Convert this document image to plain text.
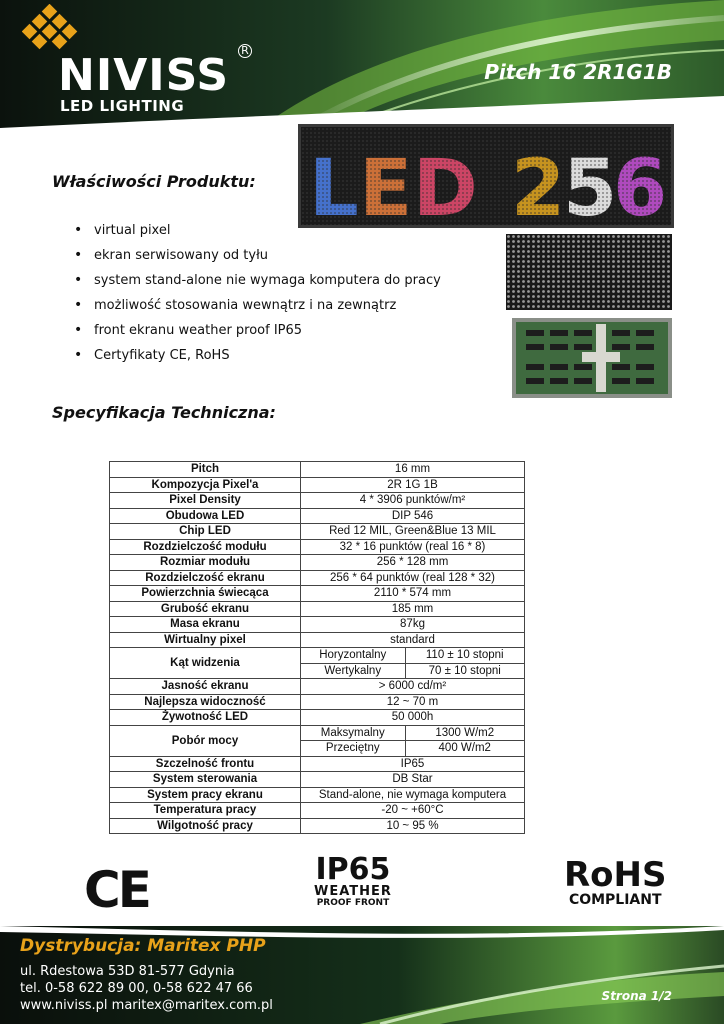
NIVISS R
LED LIGHTING
Pitch 16 2R1G1B
Właściwości Produktu:
• virtual pixel
• ekran serwisowany od tyłu
• system stand-alone nie wymaga komputera do pracy
• możliwość stosowania wewnątrz i na zewnątrz
• front ekranu weather proof IP65
• Certyfikaty CE, RoHS
Specyfikacja Techniczna:
Pitch	16 mm	
Kompozycja Pixel'a	2R 1G 1B	
Pixel Density	4 * 3906 punktów/m²	
Obudowa LED	DIP 546	
Chip LED	Red 12 MIL, Green&Blue 13 MIL	
Rozdzielczość modułu	32 * 16 punktów (real 16 * 8)	
Rozmiar modułu	256 * 128 mm	
Rozdzielczość ekranu	256 * 64 punktów (real 128 * 32)	
Powierzchnia świecąca	2110 * 574 mm	
Grubość ekranu	185 mm	
Masa ekranu	87kg	
Wirtualny pixel	standard	
Kąt widzenia	Horyzontalny	110 ± 10 stopni
	Wertykalny	70 ± 10 stopni
Jasność ekranu	> 6000 cd/m²	
Najlepsza widoczność	12 ~ 70 m	
Żywotność LED	50 000h	
Pobór mocy	Maksymalny	1300 W/m2
	Przeciętny	400 W/m2
Szczelność frontu	IP65	
System sterowania	DB Star	
System pracy ekranu	Stand-alone, nie wymaga komputera	
Temperatura pracy	-20 ~ +60°C	
Wilgotność pracy	10 ~ 95 %	
CE	IP65
WEATHER
PROOF FRONT
RoHS
COMPLIANT
Dystrybucja: Maritex PHP
ul. Rdestowa 53D 81-577 Gdynia
tel. 0-58 622 89 00, 0-58 622 47 66
www.niviss.pl maritex@maritex.com.pl
Strona 1/2
